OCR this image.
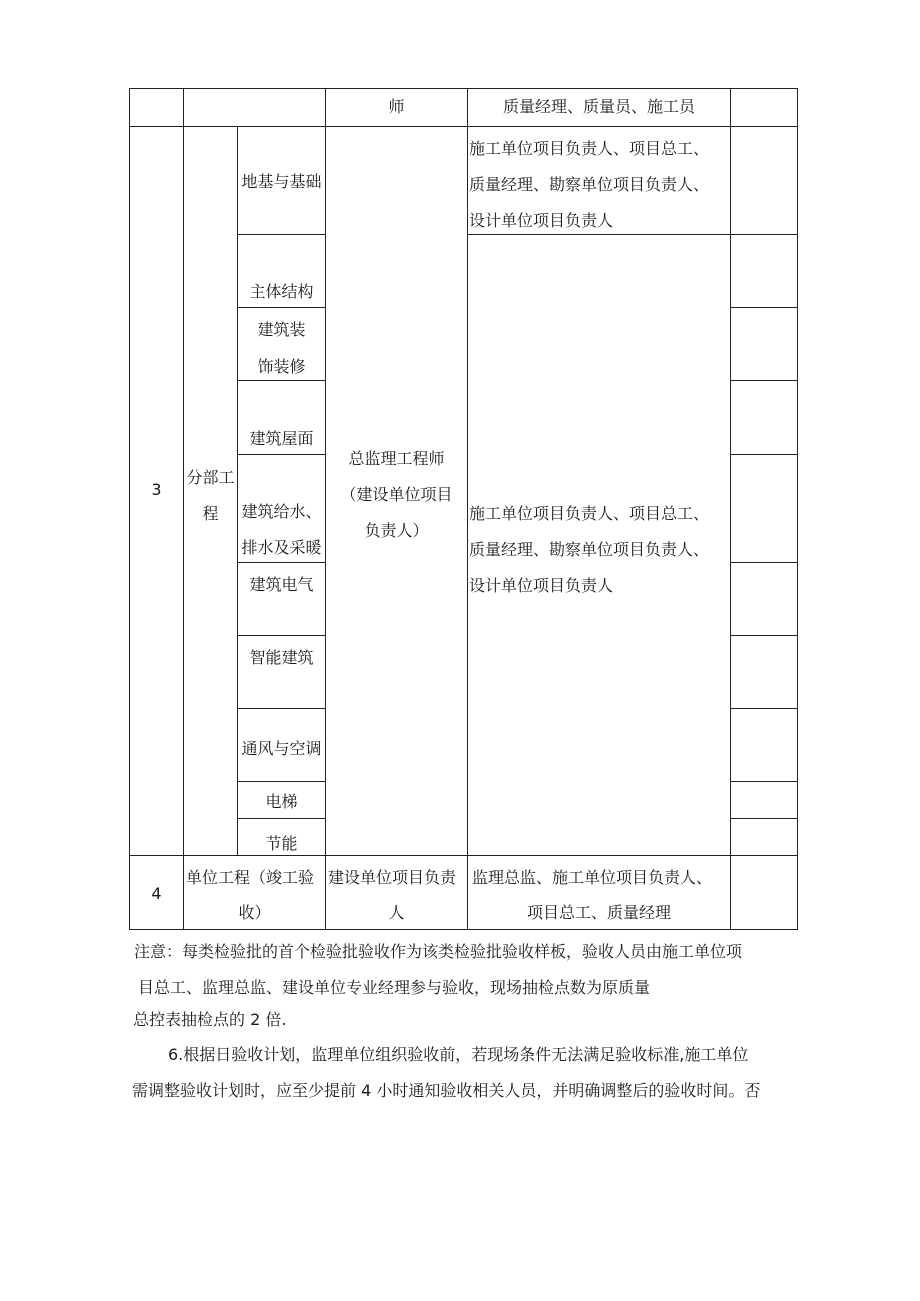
师	质量经理、质量员、施工员
3
分部工
程
地基与基础
主体结构
建筑装
饰装修
建筑屋面
建筑给水、
排水及采暖
建筑电气
智能建筑
通风与空调
电梯
节能
总监理工程师
（建设单位项目
负责人）
施工单位项目负责人、项目总工、
质量经理、勘察单位项目负责人、
设计单位项目负责人
施工单位项目负责人、项目总工、
质量经理、勘察单位项目负责人、
设计单位项目负责人
4
单位工程（竣工验
收）
建设单位项目负责
人
监理总监、施工单位项目负责人、
项目总工、质量经理
注意：每类检验批的首个检验批验收作为该类检验批验收样板，验收人员由施工单位项
目总工、监理总监、建设单位专业经理参与验收，现场抽检点数为原质量
总控表抽检点的 2 倍.
6.根据日验收计划，监理单位组织验收前，若现场条件无法满足验收标准,施工单位
需调整验收计划时，应至少提前 4 小时通知验收相关人员，并明确调整后的验收时间。否
